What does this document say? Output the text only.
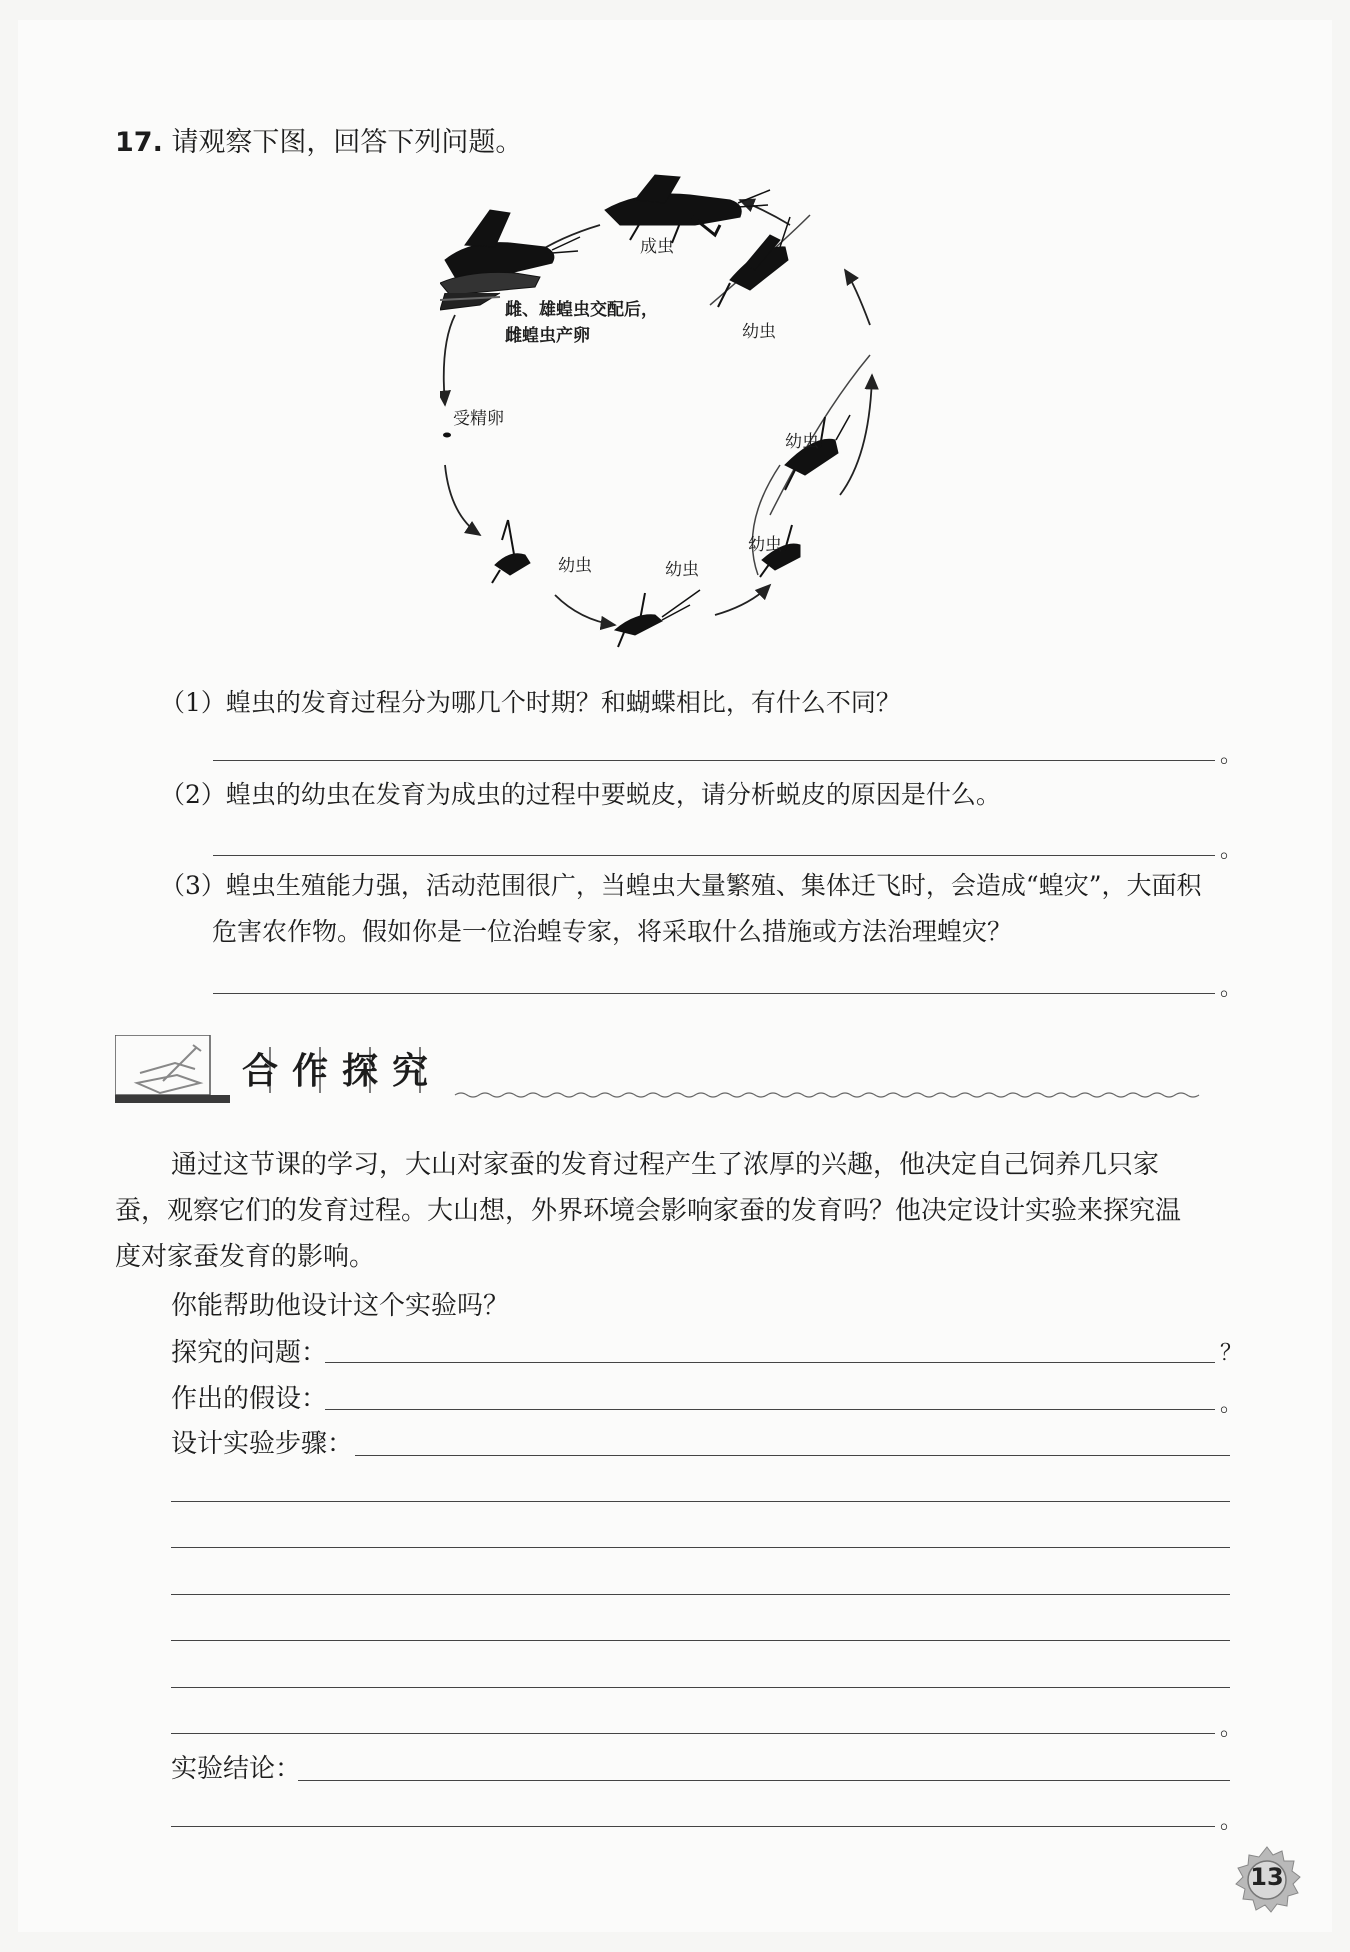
17. 请观察下图，回答下列问题。
成虫
雌、雄蝗虫交配后，
雌蝗虫产卵
受精卵
幼虫	幼虫
幼虫
幼虫
幼虫
（1）蝗虫的发育过程分为哪几个时期？和蝴蝶相比，有什么不同？
。
（2）蝗虫的幼虫在发育为成虫的过程中要蜕皮，请分析蜕皮的原因是什么。
。
（3）蝗虫生殖能力强，活动范围很广，当蝗虫大量繁殖、集体迁飞时，会造成“蝗灾”，大面积
危害农作物。假如你是一位治蝗专家，将采取什么措施或方法治理蝗灾？
。
合 作 探 究
通过这节课的学习，大山对家蚕的发育过程产生了浓厚的兴趣，他决定自己饲养几只家
蚕，观察它们的发育过程。大山想，外界环境会影响家蚕的发育吗？他决定设计实验来探究温
度对家蚕发育的影响。
你能帮助他设计这个实验吗？
探究的问题：	？
作出的假设：	。
设计实验步骤：
。
实验结论：
。
13
